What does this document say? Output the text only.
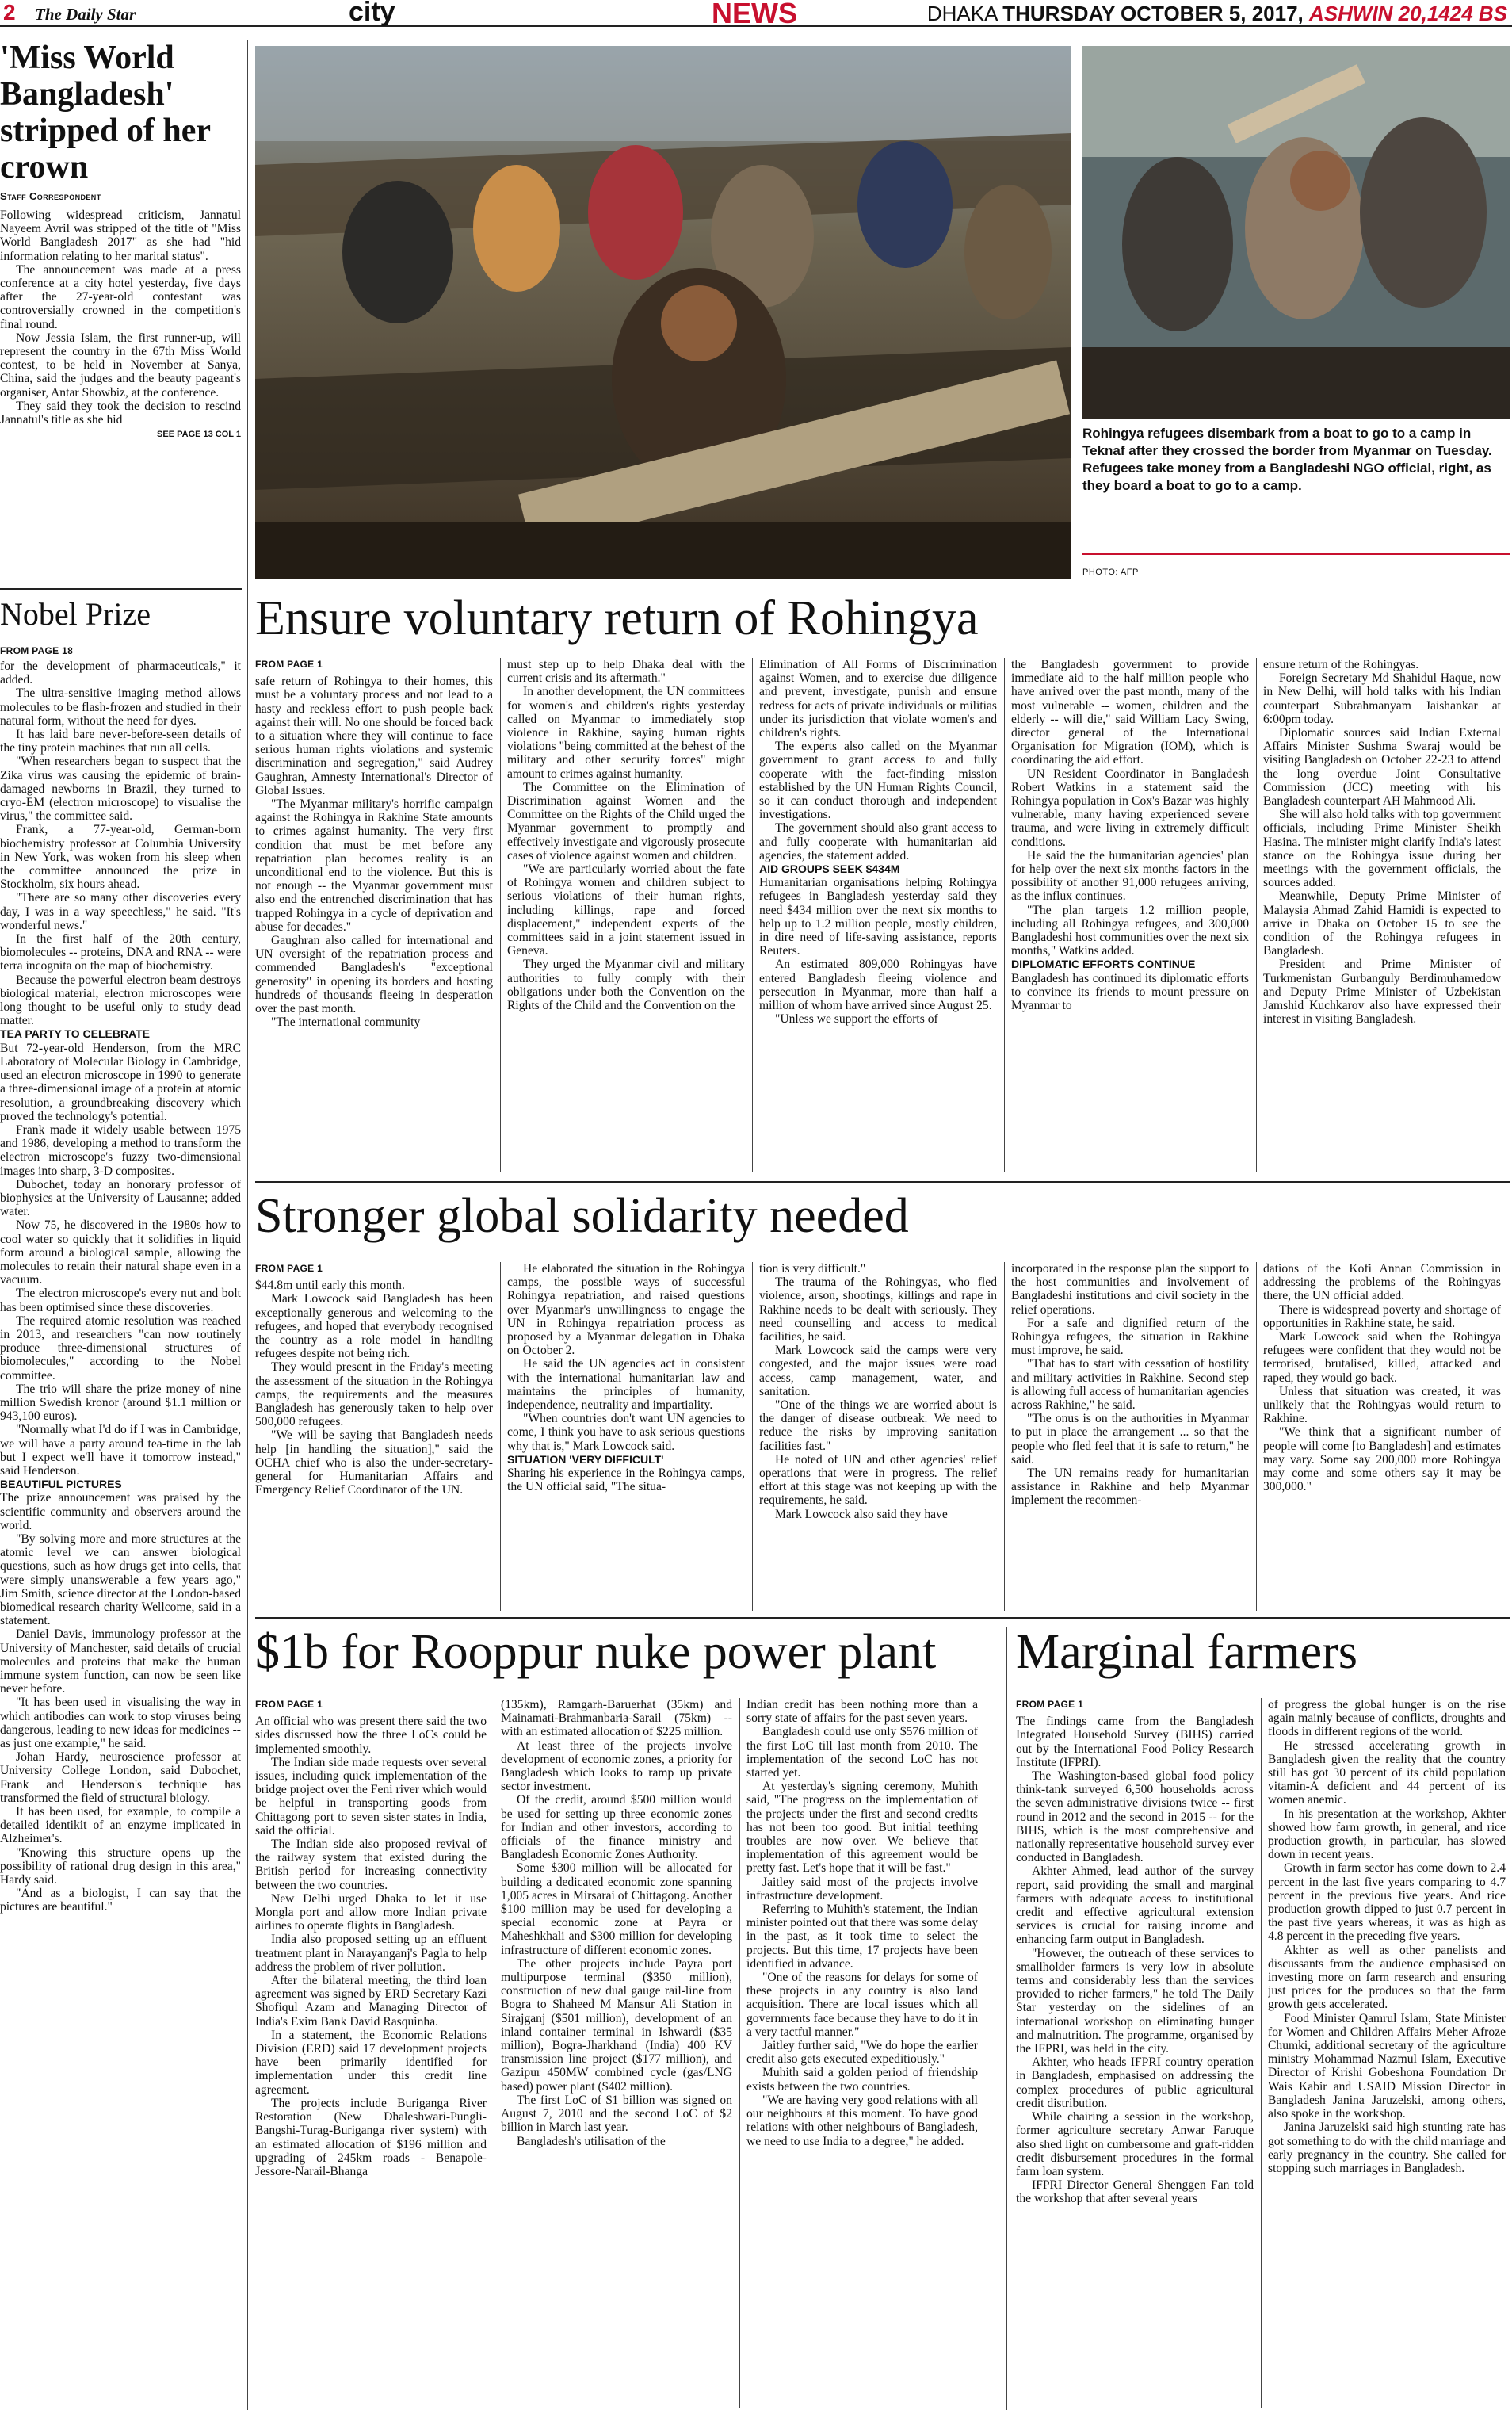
2 The Daily Star	city	NEWS	DHAKA THURSDAY OCTOBER 5, 2017, ASHWIN 20,1424 BS
'Miss World Bangladesh' stripped of her crown
Staff Correspondent

Following widespread criticism, Jannatul Nayeem Avril was stripped of the title of "Miss World Bangladesh 2017" as she had "hid information relating to her marital status".

The announcement was made at a press conference at a city hotel yesterday, five days after the 27-year-old contestant was controversially crowned in the competition's final round.

Now Jessia Islam, the first runner-up, will represent the country in the 67th Miss World contest, to be held in November at Sanya, China, said the judges and the beauty pageant's organiser, Antar Showbiz, at the conference.

They said they took the decision to rescind Jannatul's title as she hid

SEE PAGE 13 COL 1
Nobel Prize
FROM PAGE 18

for the development of pharmaceuticals," it added.

The ultra-sensitive imaging method allows molecules to be flash-frozen and studied in their natural form, without the need for dyes.

It has laid bare never-before-seen details of the tiny protein machines that run all cells.

"When researchers began to suspect that the Zika virus was causing the epidemic of brain-damaged newborns in Brazil, they turned to cryo-EM (electron microscope) to visualise the virus," the committee said.

Frank, a 77-year-old, German-born biochemistry professor at Columbia University in New York, was woken from his sleep when the committee announced the prize in Stockholm, six hours ahead.

"There are so many other discoveries every day, I was in a way speechless," he said. "It's wonderful news."

In the first half of the 20th century, biomolecules -- proteins, DNA and RNA -- were terra incognita on the map of biochemistry.

Because the powerful electron beam destroys biological material, electron microscopes were long thought to be useful only to study dead matter.

TEA PARTY TO CELEBRATE

But 72-year-old Henderson, from the MRC Laboratory of Molecular Biology in Cambridge, used an electron microscope in 1990 to generate a three-dimensional image of a protein at atomic resolution, a groundbreaking discovery which proved the technology's potential.

Frank made it widely usable between 1975 and 1986, developing a method to transform the electron microscope's fuzzy two-dimensional images into sharp, 3-D composites.

Dubochet, today an honorary professor of biophysics at the University of Lausanne; added water.

Now 75, he discovered in the 1980s how to cool water so quickly that it solidifies in liquid form around a biological sample, allowing the molecules to retain their natural shape even in a vacuum.

The electron microscope's every nut and bolt has been optimised since these discoveries.

The required atomic resolution was reached in 2013, and researchers "can now routinely produce three-dimensional structures of biomolecules," according to the Nobel committee.

The trio will share the prize money of nine million Swedish kronor (around $1.1 million or 943,100 euros).

"Normally what I'd do if I was in Cambridge, we will have a party around tea-time in the lab but I expect we'll have it tomorrow instead," said Henderson.

BEAUTIFUL PICTURES

The prize announcement was praised by the scientific community and observers around the world.

"By solving more and more structures at the atomic level we can answer biological questions, such as how drugs get into cells, that were simply unanswerable a few years ago," Jim Smith, science director at the London-based biomedical research charity Wellcome, said in a statement.

Daniel Davis, immunology professor at the University of Manchester, said details of crucial molecules and proteins that make the human immune system function, can now be seen like never before.

"It has been used in visualising the way in which antibodies can work to stop viruses being dangerous, leading to new ideas for medicines -- as just one example," he said.

Johan Hardy, neuroscience professor at University College London, said Dubochet, Frank and Henderson's technique has transformed the field of structural biology.

It has been used, for example, to compile a detailed identikit of an enzyme implicated in Alzheimer's.

"Knowing this structure opens up the possibility of rational drug design in this area," Hardy said.

"And as a biologist, I can say that the pictures are beautiful."

Rohingya refugees disembark from a boat to go to a camp in Teknaf after they crossed the border from Myanmar on Tuesday. Refugees take money from a Bangladeshi NGO official, right, as they board a boat to go to a camp.
PHOTO: AFP
Ensure voluntary return of Rohingya
FROM PAGE 1

safe return of Rohingya to their homes, this must be a voluntary process and not lead to a hasty and reckless effort to push people back against their will. No one should be forced back to a situation where they will continue to face serious human rights violations and systemic discrimination and segregation," said Audrey Gaughran, Amnesty International's Director of Global Issues.

"The Myanmar military's horrific campaign against the Rohingya in Rakhine State amounts to crimes against humanity. The very first condition that must be met before any repatriation plan becomes reality is an unconditional end to the violence. But this is not enough -- the Myanmar government must also end the entrenched discrimination that has trapped Rohingya in a cycle of deprivation and abuse for decades."

Gaughran also called for international and UN oversight of the repatriation process and commended Bangladesh's "exceptional generosity" in opening its borders and hosting hundreds of thousands fleeing in desperation over the past month.

"The international community

must step up to help Dhaka deal with the current crisis and its aftermath."

In another development, the UN committees for women's and children's rights yesterday called on Myanmar to immediately stop violence in Rakhine, saying human rights violations "being committed at the behest of the military and other security forces" might amount to crimes against humanity.

The Committee on the Elimination of Discrimination against Women and the Committee on the Rights of the Child urged the Myanmar government to promptly and effectively investigate and vigorously prosecute cases of violence against women and children.

"We are particularly worried about the fate of Rohingya women and children subject to serious violations of their human rights, including killings, rape and forced displacement," independent experts of the committees said in a joint statement issued in Geneva.

They urged the Myanmar civil and military authorities to fully comply with their obligations under both the Convention on the Rights of the Child and the Convention on the

Elimination of All Forms of Discrimination against Women, and to exercise due diligence and prevent, investigate, punish and ensure redress for acts of private individuals or militias under its jurisdiction that violate women's and children's rights.

The experts also called on the Myanmar government to grant access to and fully cooperate with the fact-finding mission established by the UN Human Rights Council, so it can conduct thorough and independent investigations.

The government should also grant access to and fully cooperate with humanitarian aid agencies, the statement added.

AID GROUPS SEEK $434M

Humanitarian organisations helping Rohingya refugees in Bangladesh yesterday said they need $434 million over the next six months to help up to 1.2 million people, mostly children, in dire need of life-saving assistance, reports Reuters.

An estimated 809,000 Rohingyas have entered Bangladesh fleeing violence and persecution in Myanmar, more than half a million of whom have arrived since August 25.

"Unless we support the efforts of

the Bangladesh government to provide immediate aid to the half million people who have arrived over the past month, many of the most vulnerable -- women, children and the elderly -- will die," said William Lacy Swing, director general of the International Organisation for Migration (IOM), which is coordinating the aid effort.

UN Resident Coordinator in Bangladesh Robert Watkins in a statement said the Rohingya population in Cox's Bazar was highly vulnerable, many having experienced severe trauma, and were living in extremely difficult conditions.

He said the the humanitarian agencies' plan for help over the next six months factors in the possibility of another 91,000 refugees arriving, as the influx continues.

"The plan targets 1.2 million people, including all Rohingya refugees, and 300,000 Bangladeshi host communities over the next six months," Watkins added.

DIPLOMATIC EFFORTS CONTINUE

Bangladesh has continued its diplomatic efforts to convince its friends to mount pressure on Myanmar to

ensure return of the Rohingyas.

Foreign Secretary Md Shahidul Haque, now in New Delhi, will hold talks with his Indian counterpart Subrahmanyam Jaishankar at 6:00pm today.

Diplomatic sources said Indian External Affairs Minister Sushma Swaraj would be visiting Bangladesh on October 22-23 to attend the long overdue Joint Consultative Commission (JCC) meeting with his Bangladesh counterpart AH Mahmood Ali.

She will also hold talks with top government officials, including Prime Minister Sheikh Hasina. The minister might clarify India's latest stance on the Rohingya issue during her meetings with the government officials, the sources added.

Meanwhile, Deputy Prime Minister of Malaysia Ahmad Zahid Hamidi is expected to arrive in Dhaka on October 15 to see the condition of the Rohingya refugees in Bangladesh.

President and Prime Minister of Turkmenistan Gurbanguly Berdimuhamedow and Deputy Prime Minister of Uzbekistan Jamshid Kuchkarov also have expressed their interest in visiting Bangladesh.

Stronger global solidarity needed
FROM PAGE 1

$44.8m until early this month.

Mark Lowcock said Bangladesh has been exceptionally generous and welcoming to the refugees, and hoped that everybody recognised the country as a role model in handling refugees despite not being rich.

They would present in the Friday's meeting the assessment of the situation in the Rohingya camps, the requirements and the measures Bangladesh has generously taken to help over 500,000 refugees.

"We will be saying that Bangladesh needs help [in handling the situation]," said the OCHA chief who is also the under-secretary-general for Humanitarian Affairs and Emergency Relief Coordinator of the UN.

He elaborated the situation in the Rohingya camps, the possible ways of successful Rohingya repatriation, and raised questions over Myanmar's unwillingness to engage the UN in Rohingya repatriation process as proposed by a Myanmar delegation in Dhaka on October 2.

He said the UN agencies act in consistent with the international humanitarian law and maintains the principles of humanity, independence, neutrality and impartiality.

"When countries don't want UN agencies to come, I think you have to ask serious questions why that is," Mark Lowcock said.

SITUATION 'VERY DIFFICULT'

Sharing his experience in the Rohingya camps, the UN official said, "The situa-

tion is very difficult."

The trauma of the Rohingyas, who fled violence, arson, shootings, killings and rape in Rakhine needs to be dealt with seriously. They need counselling and access to medical facilities, he said.

Mark Lowcock said the camps were very congested, and the major issues were road access, camp management, water, and sanitation.

"One of the things we are worried about is the danger of disease outbreak. We need to reduce the risks by improving sanitation facilities fast."

He noted of UN and other agencies' relief operations that were in progress. The relief effort at this stage was not keeping up with the requirements, he said.

Mark Lowcock also said they have

incorporated in the response plan the support to the host communities and involvement of Bangladeshi institutions and civil society in the relief operations.

For a safe and dignified return of the Rohingya refugees, the situation in Rakhine must improve, he said.

"That has to start with cessation of hostility and military activities in Rakhine. Second step is allowing full access of humanitarian agencies across Rakhine," he said.

"The onus is on the authorities in Myanmar to put in place the arrangement ... so that the people who fled feel that it is safe to return," he said.

The UN remains ready for humanitarian assistance in Rakhine and help Myanmar implement the recommen-

dations of the Kofi Annan Commission in addressing the problems of the Rohingyas there, the UN official added.

There is widespread poverty and shortage of opportunities in Rakhine state, he said.

Mark Lowcock said when the Rohingya refugees were confident that they would not be terrorised, brutalised, killed, attacked and raped, they would go back.

Unless that situation was created, it was unlikely that the Rohingyas would return to Rakhine.

"We think that a significant number of people will come [to Bangladesh] and estimates may vary. Some say 200,000 more Rohingya may come and some others say it may be 300,000."

$1b for Rooppur nuke power plant
FROM PAGE 1

An official who was present there said the two sides discussed how the three LoCs could be implemented smoothly.

The Indian side made requests over several issues, including quick implementation of the bridge project over the Feni river which would be helpful in transporting goods from Chittagong port to seven sister states in India, said the official.

The Indian side also proposed revival of the railway system that existed during the British period for increasing connectivity between the two countries.

New Delhi urged Dhaka to let it use Mongla port and allow more Indian private airlines to operate flights in Bangladesh.

India also proposed setting up an effluent treatment plant in Narayanganj's Pagla to help address the problem of river pollution.

After the bilateral meeting, the third loan agreement was signed by ERD Secretary Kazi Shofiqul Azam and Managing Director of India's Exim Bank David Rasquinha.

In a statement, the Economic Relations Division (ERD) said 17 development projects have been primarily identified for implementation under this credit line agreement.

The projects include Buriganga River Restoration (New Dhaleshwari-Pungli-Bangshi-Turag-Buriganga river system) with an estimated allocation of $196 million and upgrading of 245km roads - Benapole-Jessore-Narail-Bhanga

(135km), Ramgarh-Baruerhat (35km) and Mainamati-Brahmanbaria-Sarail (75km) -- with an estimated allocation of $225 million.

At least three of the projects involve development of economic zones, a priority for Bangladesh which looks to ramp up private sector investment.

Of the credit, around $500 million would be used for setting up three economic zones for Indian and other investors, according to officials of the finance ministry and Bangladesh Economic Zones Authority.

Some $300 million will be allocated for building a dedicated economic zone spanning 1,005 acres in Mirsarai of Chittagong. Another $100 million may be used for developing a special economic zone at Payra or Maheshkhali and $300 million for developing infrastructure of different economic zones.

The other projects include Payra port multipurpose terminal ($350 million), construction of new dual gauge rail-line from Bogra to Shaheed M Mansur Ali Station in Sirajganj ($501 million), development of an inland container terminal in Ishwardi ($35 million), Bogra-Jharkhand (India) 400 KV transmission line project ($177 million), and Gazipur 450MW combined cycle (gas/LNG based) power plant ($402 million).

The first LoC of $1 billion was signed on August 7, 2010 and the second LoC of $2 billion in March last year.

Bangladesh's utilisation of the

Indian credit has been nothing more than a sorry state of affairs for the past seven years.

Bangladesh could use only $576 million of the first LoC till last month from 2010. The implementation of the second LoC has not started yet.

At yesterday's signing ceremony, Muhith said, "The progress on the implementation of the projects under the first and second credits has not been too good. But initial teething troubles are now over. We believe that implementation of this agreement would be pretty fast. Let's hope that it will be fast."

Jaitley said most of the projects involve infrastructure development.

Referring to Muhith's statement, the Indian minister pointed out that there was some delay in the past, as it took time to select the projects. But this time, 17 projects have been identified in advance.

"One of the reasons for delays for some of these projects in any country is also land acquisition. There are local issues which all governments face because they have to do it in a very tactful manner."

Jaitley further said, "We do hope the earlier credit also gets executed expeditiously."

Muhith said a golden period of friendship exists between the two countries.

"We are having very good relations with all our neighbours at this moment. To have good relations with other neighbours of Bangladesh, we need to use India to a degree," he added.

Marginal farmers
FROM PAGE 1

The findings came from the Bangladesh Integrated Household Survey (BIHS) carried out by the International Food Policy Research Institute (IFPRI).

The Washington-based global food policy think-tank surveyed 6,500 households across the seven administrative divisions twice -- first round in 2012 and the second in 2015 -- for the BIHS, which is the most comprehensive and nationally representative household survey ever conducted in Bangladesh.

Akhter Ahmed, lead author of the survey report, said providing the small and marginal farmers with adequate access to institutional credit and effective agricultural extension services is crucial for raising income and enhancing farm output in Bangladesh.

"However, the outreach of these services to smallholder farmers is very low in absolute terms and considerably less than the services provided to richer farmers," he told The Daily Star yesterday on the sidelines of an international workshop on eliminating hunger and malnutrition. The programme, organised by the IFPRI, was held in the city.

Akhter, who heads IFPRI country operation in Bangladesh, emphasised on addressing the complex procedures of public agricultural credit distribution.

While chairing a session in the workshop, former agriculture secretary Anwar Faruque also shed light on cumbersome and graft-ridden credit disbursement procedures in the formal farm loan system.

IFPRI Director General Shenggen Fan told the workshop that after several years

of progress the global hunger is on the rise again mainly because of conflicts, droughts and floods in different regions of the world.

He stressed accelerating growth in Bangladesh given the reality that the country still has got 30 percent of its child population vitamin-A deficient and 44 percent of its women anemic.

In his presentation at the workshop, Akhter showed how farm growth, in general, and rice production growth, in particular, has slowed down in recent years.

Growth in farm sector has come down to 2.4 percent in the last five years comparing to 4.7 percent in the previous five years. And rice production growth dipped to just 0.7 percent in the past five years whereas, it was as high as 4.8 percent in the preceding five years.

Akhter as well as other panelists and discussants from the audience emphasised on investing more on farm research and ensuring just prices for the produces so that the farm growth gets accelerated.

Food Minister Qamrul Islam, State Minister for Women and Children Affairs Meher Afroze Chumki, additional secretary of the agriculture ministry Mohammad Nazmul Islam, Executive Director of Krishi Gobeshona Foundation Dr Wais Kabir and USAID Mission Director in Bangladesh Janina Jaruzelski, among others, also spoke in the workshop.

Janina Jaruzelski said high stunting rate has got something to do with the child marriage and early pregnancy in the country. She called for stopping such marriages in Bangladesh.
